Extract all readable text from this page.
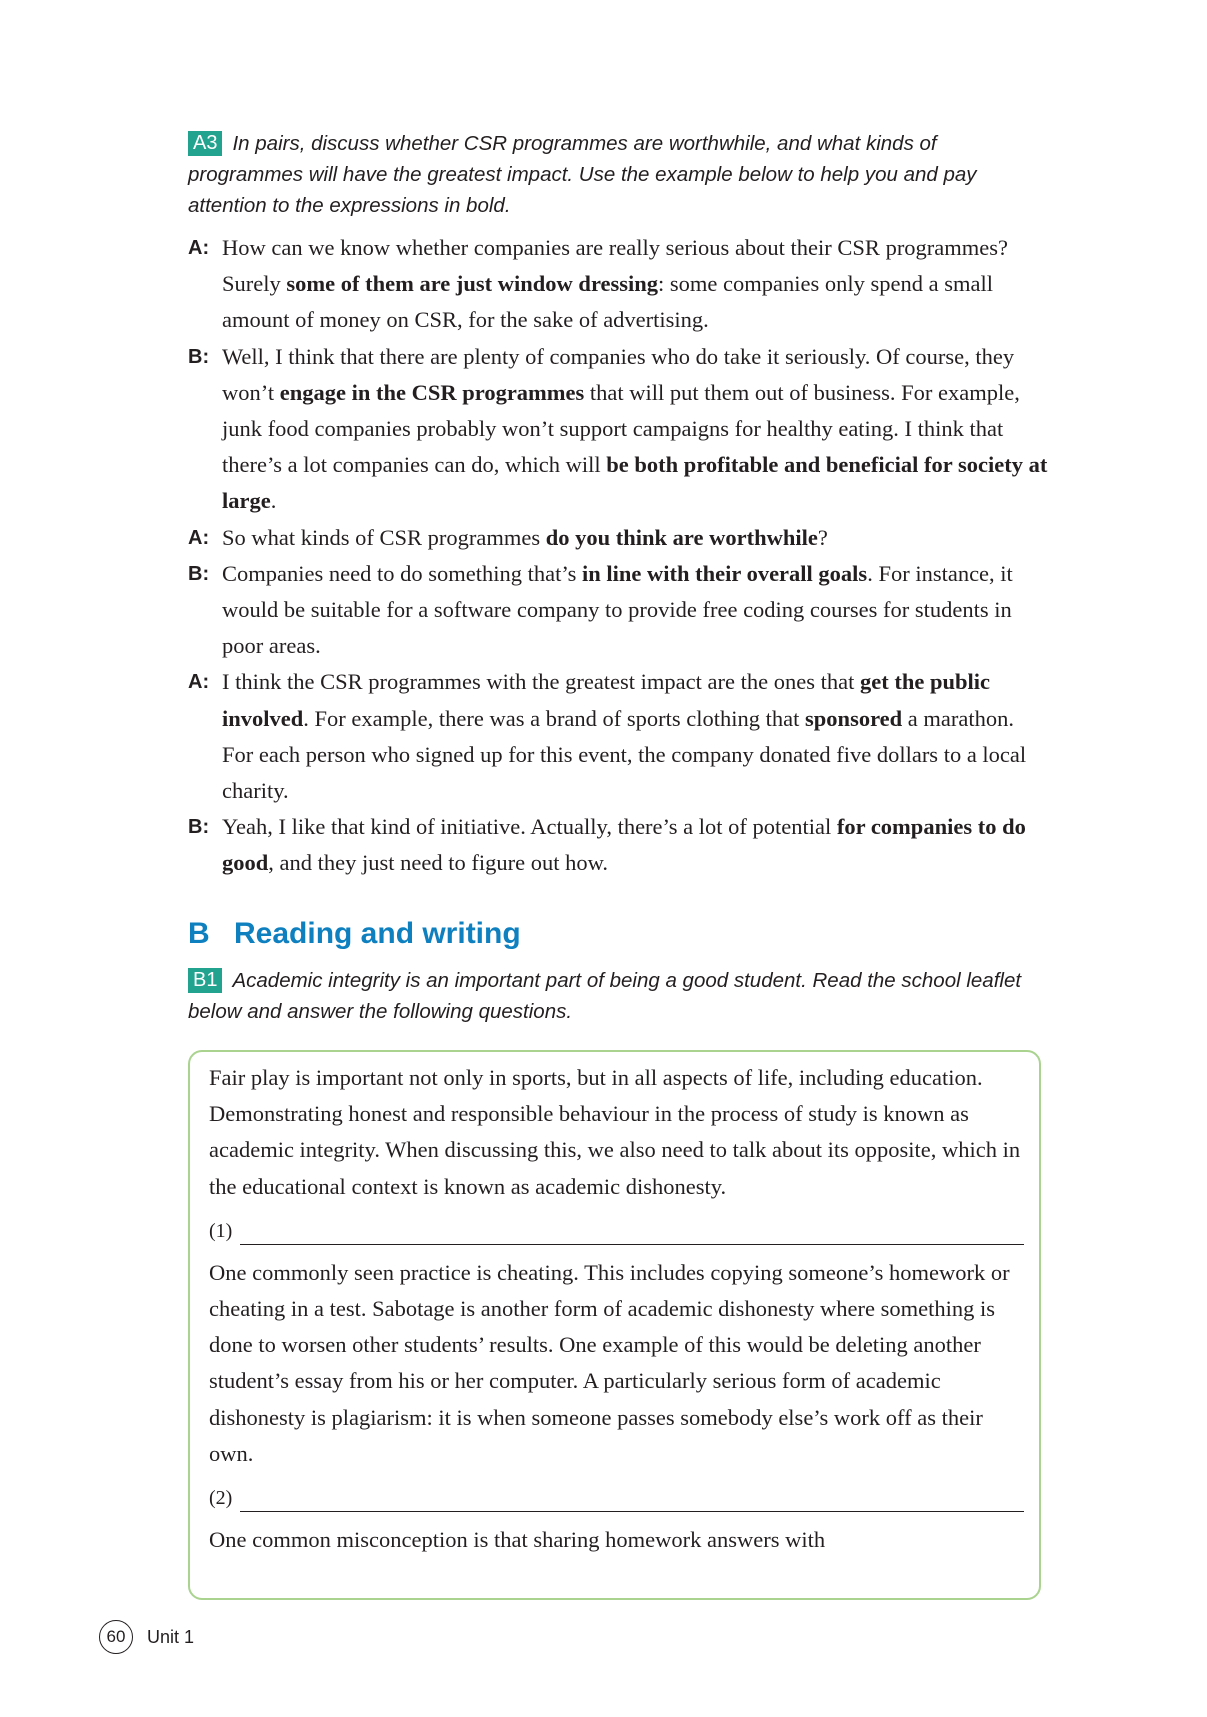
A3 In pairs, discuss whether CSR programmes are worthwhile, and what kinds of programmes will have the greatest impact. Use the example below to help you and pay attention to the expressions in bold.
A: How can we know whether companies are really serious about their CSR programmes? Surely some of them are just window dressing: some companies only spend a small amount of money on CSR, for the sake of advertising.
B: Well, I think that there are plenty of companies who do take it seriously. Of course, they won’t engage in the CSR programmes that will put them out of business. For example, junk food companies probably won’t support campaigns for healthy eating. I think that there’s a lot companies can do, which will be both profitable and beneficial for society at large.
A: So what kinds of CSR programmes do you think are worthwhile?
B: Companies need to do something that’s in line with their overall goals. For instance, it would be suitable for a software company to provide free coding courses for students in poor areas.
A: I think the CSR programmes with the greatest impact are the ones that get the public involved. For example, there was a brand of sports clothing that sponsored a marathon. For each person who signed up for this event, the company donated five dollars to a local charity.
B: Yeah, I like that kind of initiative. Actually, there’s a lot of potential for companies to do good, and they just need to figure out how.
B Reading and writing
B1 Academic integrity is an important part of being a good student. Read the school leaflet below and answer the following questions.

Fair play is important not only in sports, but in all aspects of life, including education. Demonstrating honest and responsible behaviour in the process of study is known as academic integrity. When discussing this, we also need to talk about its opposite, which in the educational context is known as academic dishonesty.

(1)

One commonly seen practice is cheating. This includes copying someone’s homework or cheating in a test. Sabotage is another form of academic dishonesty where something is done to worsen other students’ results. One example of this would be deleting another student’s essay from his or her computer. A particularly serious form of academic dishonesty is plagiarism: it is when someone passes somebody else’s work off as their own.

(2)

One common misconception is that sharing homework answers with

60	Unit 1
